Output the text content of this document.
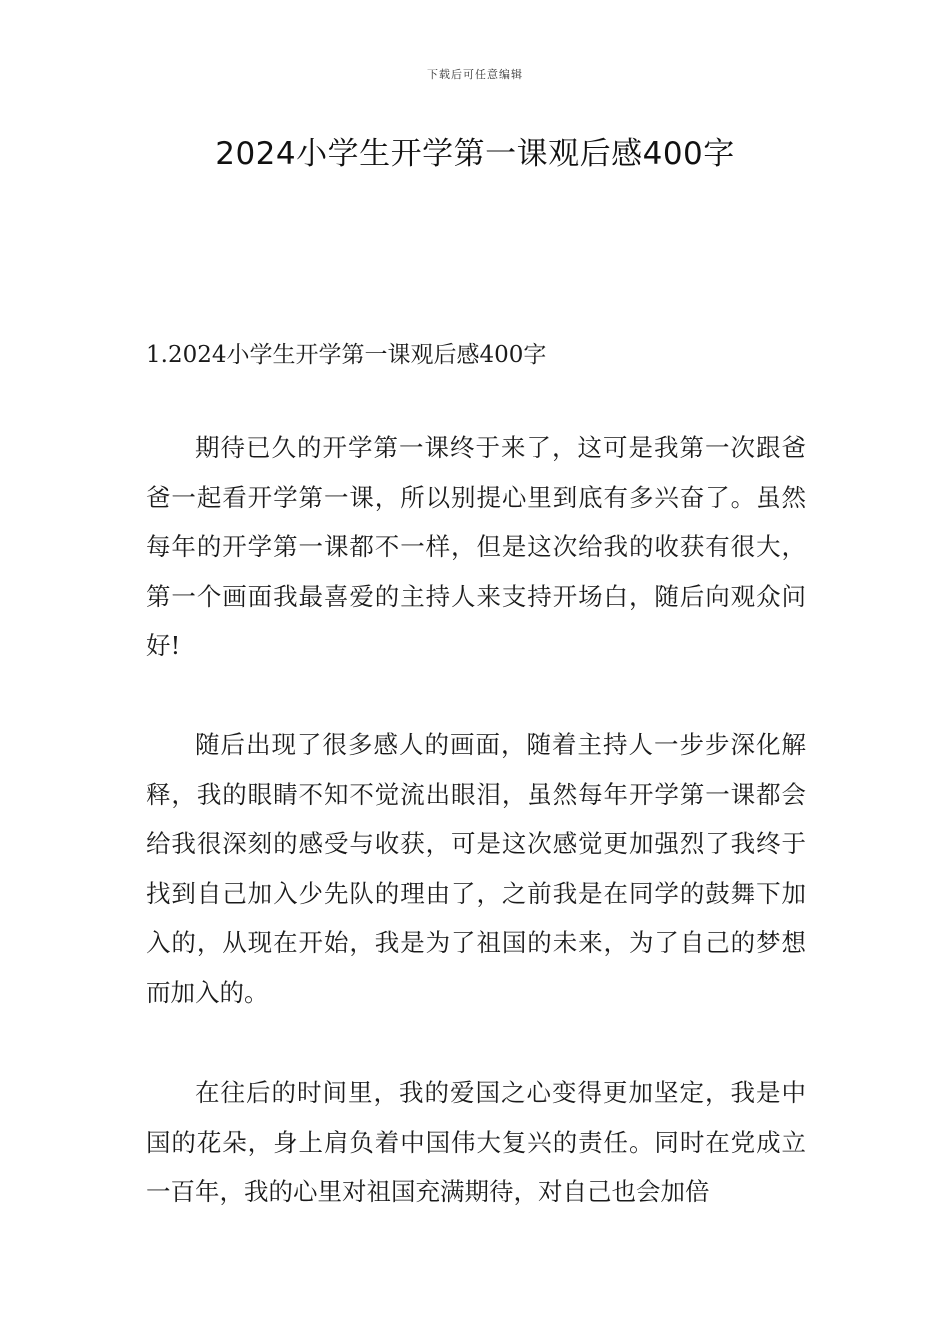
下载后可任意编辑
2024小学生开学第一课观后感400字
1.2024小学生开学第一课观后感400字

期待已久的开学第一课终于来了，这可是我第一次跟爸爸一起看开学第一课，所以别提心里到底有多兴奋了。虽然每年的开学第一课都不一样，但是这次给我的收获有很大，第一个画面我最喜爱的主持人来支持开场白，随后向观众问好!

随后出现了很多感人的画面，随着主持人一步步深化解释，我的眼睛不知不觉流出眼泪，虽然每年开学第一课都会给我很深刻的感受与收获，可是这次感觉更加强烈了我终于找到自己加入少先队的理由了，之前我是在同学的鼓舞下加入的，从现在开始，我是为了祖国的未来，为了自己的梦想而加入的。

在往后的时间里，我的爱国之心变得更加坚定，我是中国的花朵，身上肩负着中国伟大复兴的责任。同时在党成立一百年，我的心里对祖国充满期待，对自己也会加倍
